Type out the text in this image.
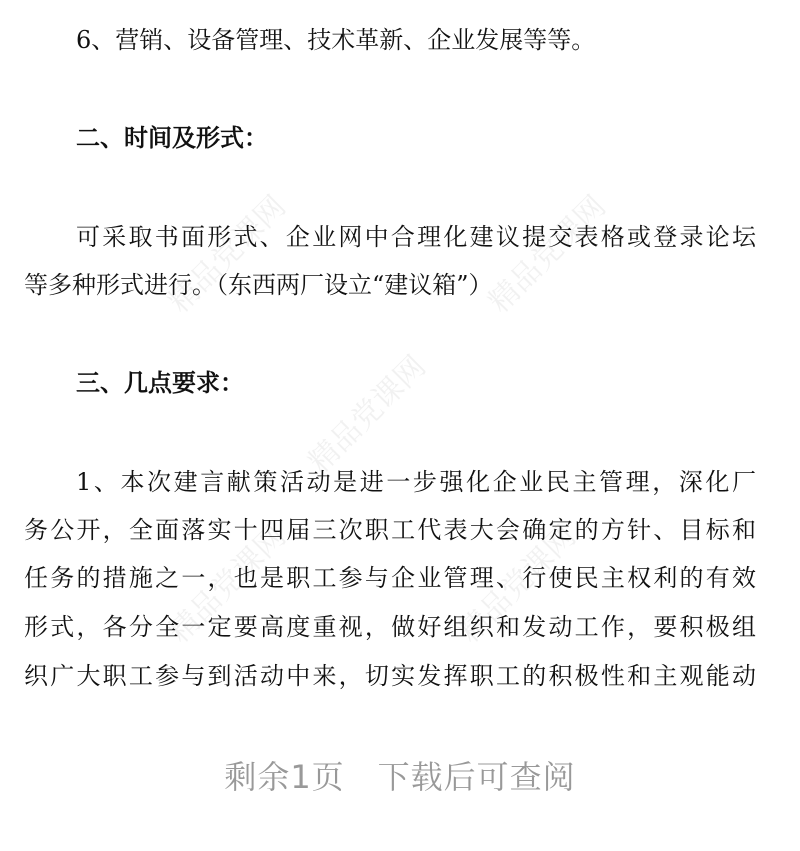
精品党课网	精品党课网
精品党课网
精品党课网	精品党课网
6、营销、设备管理、技术革新、企业发展等等。
二、时间及形式：
可采取书面形式、企业网中合理化建议提交表格或登录论坛
等多种形式进行。（东西两厂设立“建议箱”）
三、几点要求：
1、本次建言献策活动是进一步强化企业民主管理，深化厂
务公开，全面落实十四届三次职工代表大会确定的方针、目标和
任务的措施之一，也是职工参与企业管理、行使民主权利的有效
形式，各分全一定要高度重视，做好组织和发动工作，要积极组
织广大职工参与到活动中来，切实发挥职工的积极性和主观能动
剩余1页　下载后可查阅
